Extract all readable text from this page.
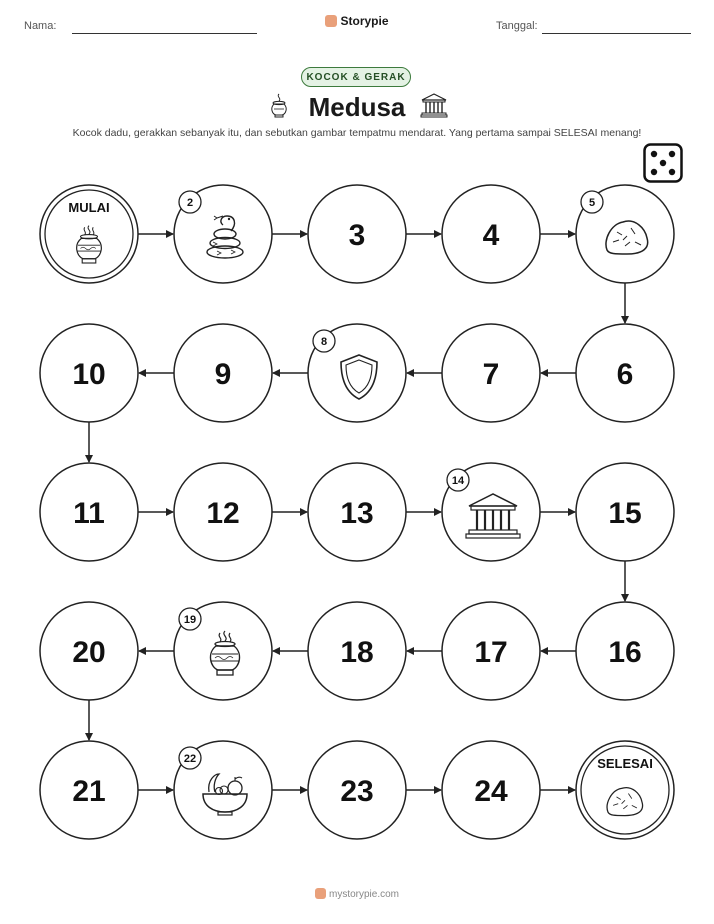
Nama:	Storypie	Tanggal:
KOCOK & GERAK
Medusa
Kocok dadu, gerakkan sebanyak itu, dan sebutkan gambar tempatmu mendarat. Yang pertama sampai SELESAI menang!
MULAI	2
3	4
5
6
7
8
9
10
11	12	13
14
15
16
17
18
19
20
21
22
23	24
SELESAI
mystorypie.com
